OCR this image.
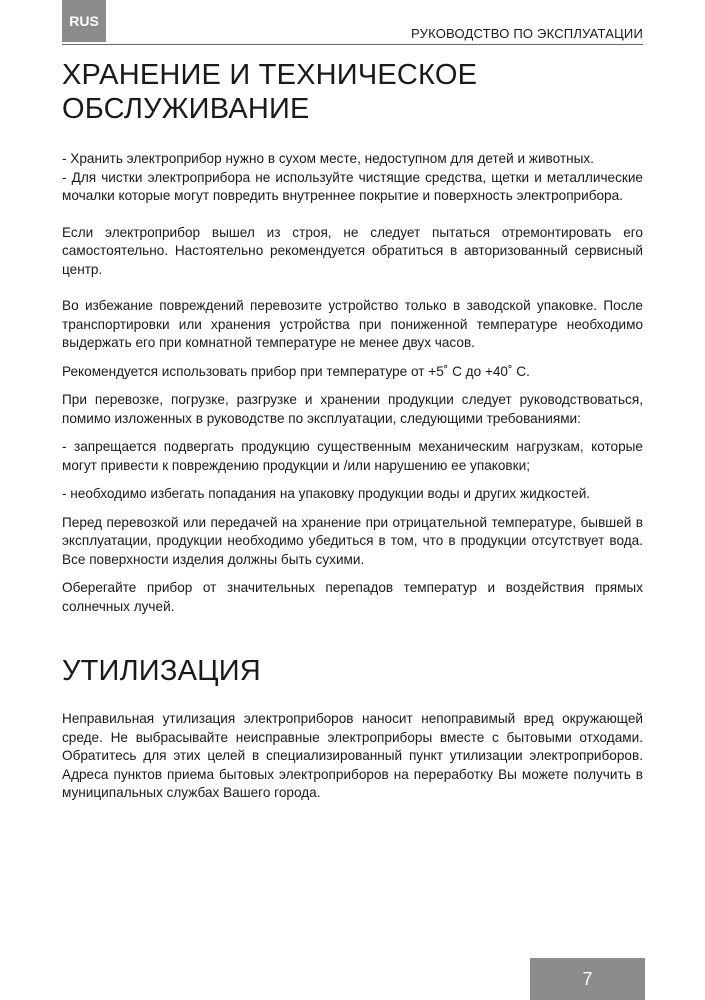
RUS
РУКОВОДСТВО ПО ЭКСПЛУАТАЦИИ
ХРАНЕНИЕ И ТЕХНИЧЕСКОЕ
ОБСЛУЖИВАНИЕ

- Хранить электроприбор нужно в сухом месте, недоступном для детей и животных.

- Для чистки электроприбора не используйте чистящие средства, щетки и металлические мочалки которые могут повредить внутреннее покрытие и поверхность электроприбора.

Если электроприбор вышел из строя, не следует пытаться отремонтировать его самостоятельно. Настоятельно рекомендуется обратиться в авторизованный сервисный центр.

Во избежание повреждений перевозите устройство только в заводской упаковке. После транспортировки или хранения устройства при пониженной температуре необходимо выдержать его при комнатной температуре не менее двух часов.

Рекомендуется использовать прибор при температуре от +5˚ С до +40˚ С.

При перевозке, погрузке, разгрузке и хранении продукции следует руководствоваться, помимо изложенных в руководстве по эксплуатации, следующими требованиями:

- запрещается подвергать продукцию существенным механическим нагрузкам, которые могут привести к повреждению продукции и /или нарушению ее упаковки;

- необходимо избегать попадания на упаковку продукции воды и других жидкостей.

Перед перевозкой или передачей на хранение при отрицательной температуре, бывшей в эксплуатации, продукции необходимо убедиться в том, что в продукции отсутствует вода. Все поверхности изделия должны быть сухими.

Оберегайте прибор от значительных перепадов температур и воздействия прямых солнечных лучей.

УТИЛИЗАЦИЯ

Неправильная утилизация электроприборов наносит непоправимый вред окружающей среде. Не выбрасывайте неисправные электроприборы вместе с бытовыми отходами. Обратитесь для этих целей в специализированный пункт утилизации электроприборов. Адреса пунктов приема бытовых электроприборов на переработку Вы можете получить в муниципальных службах Вашего города.

7
